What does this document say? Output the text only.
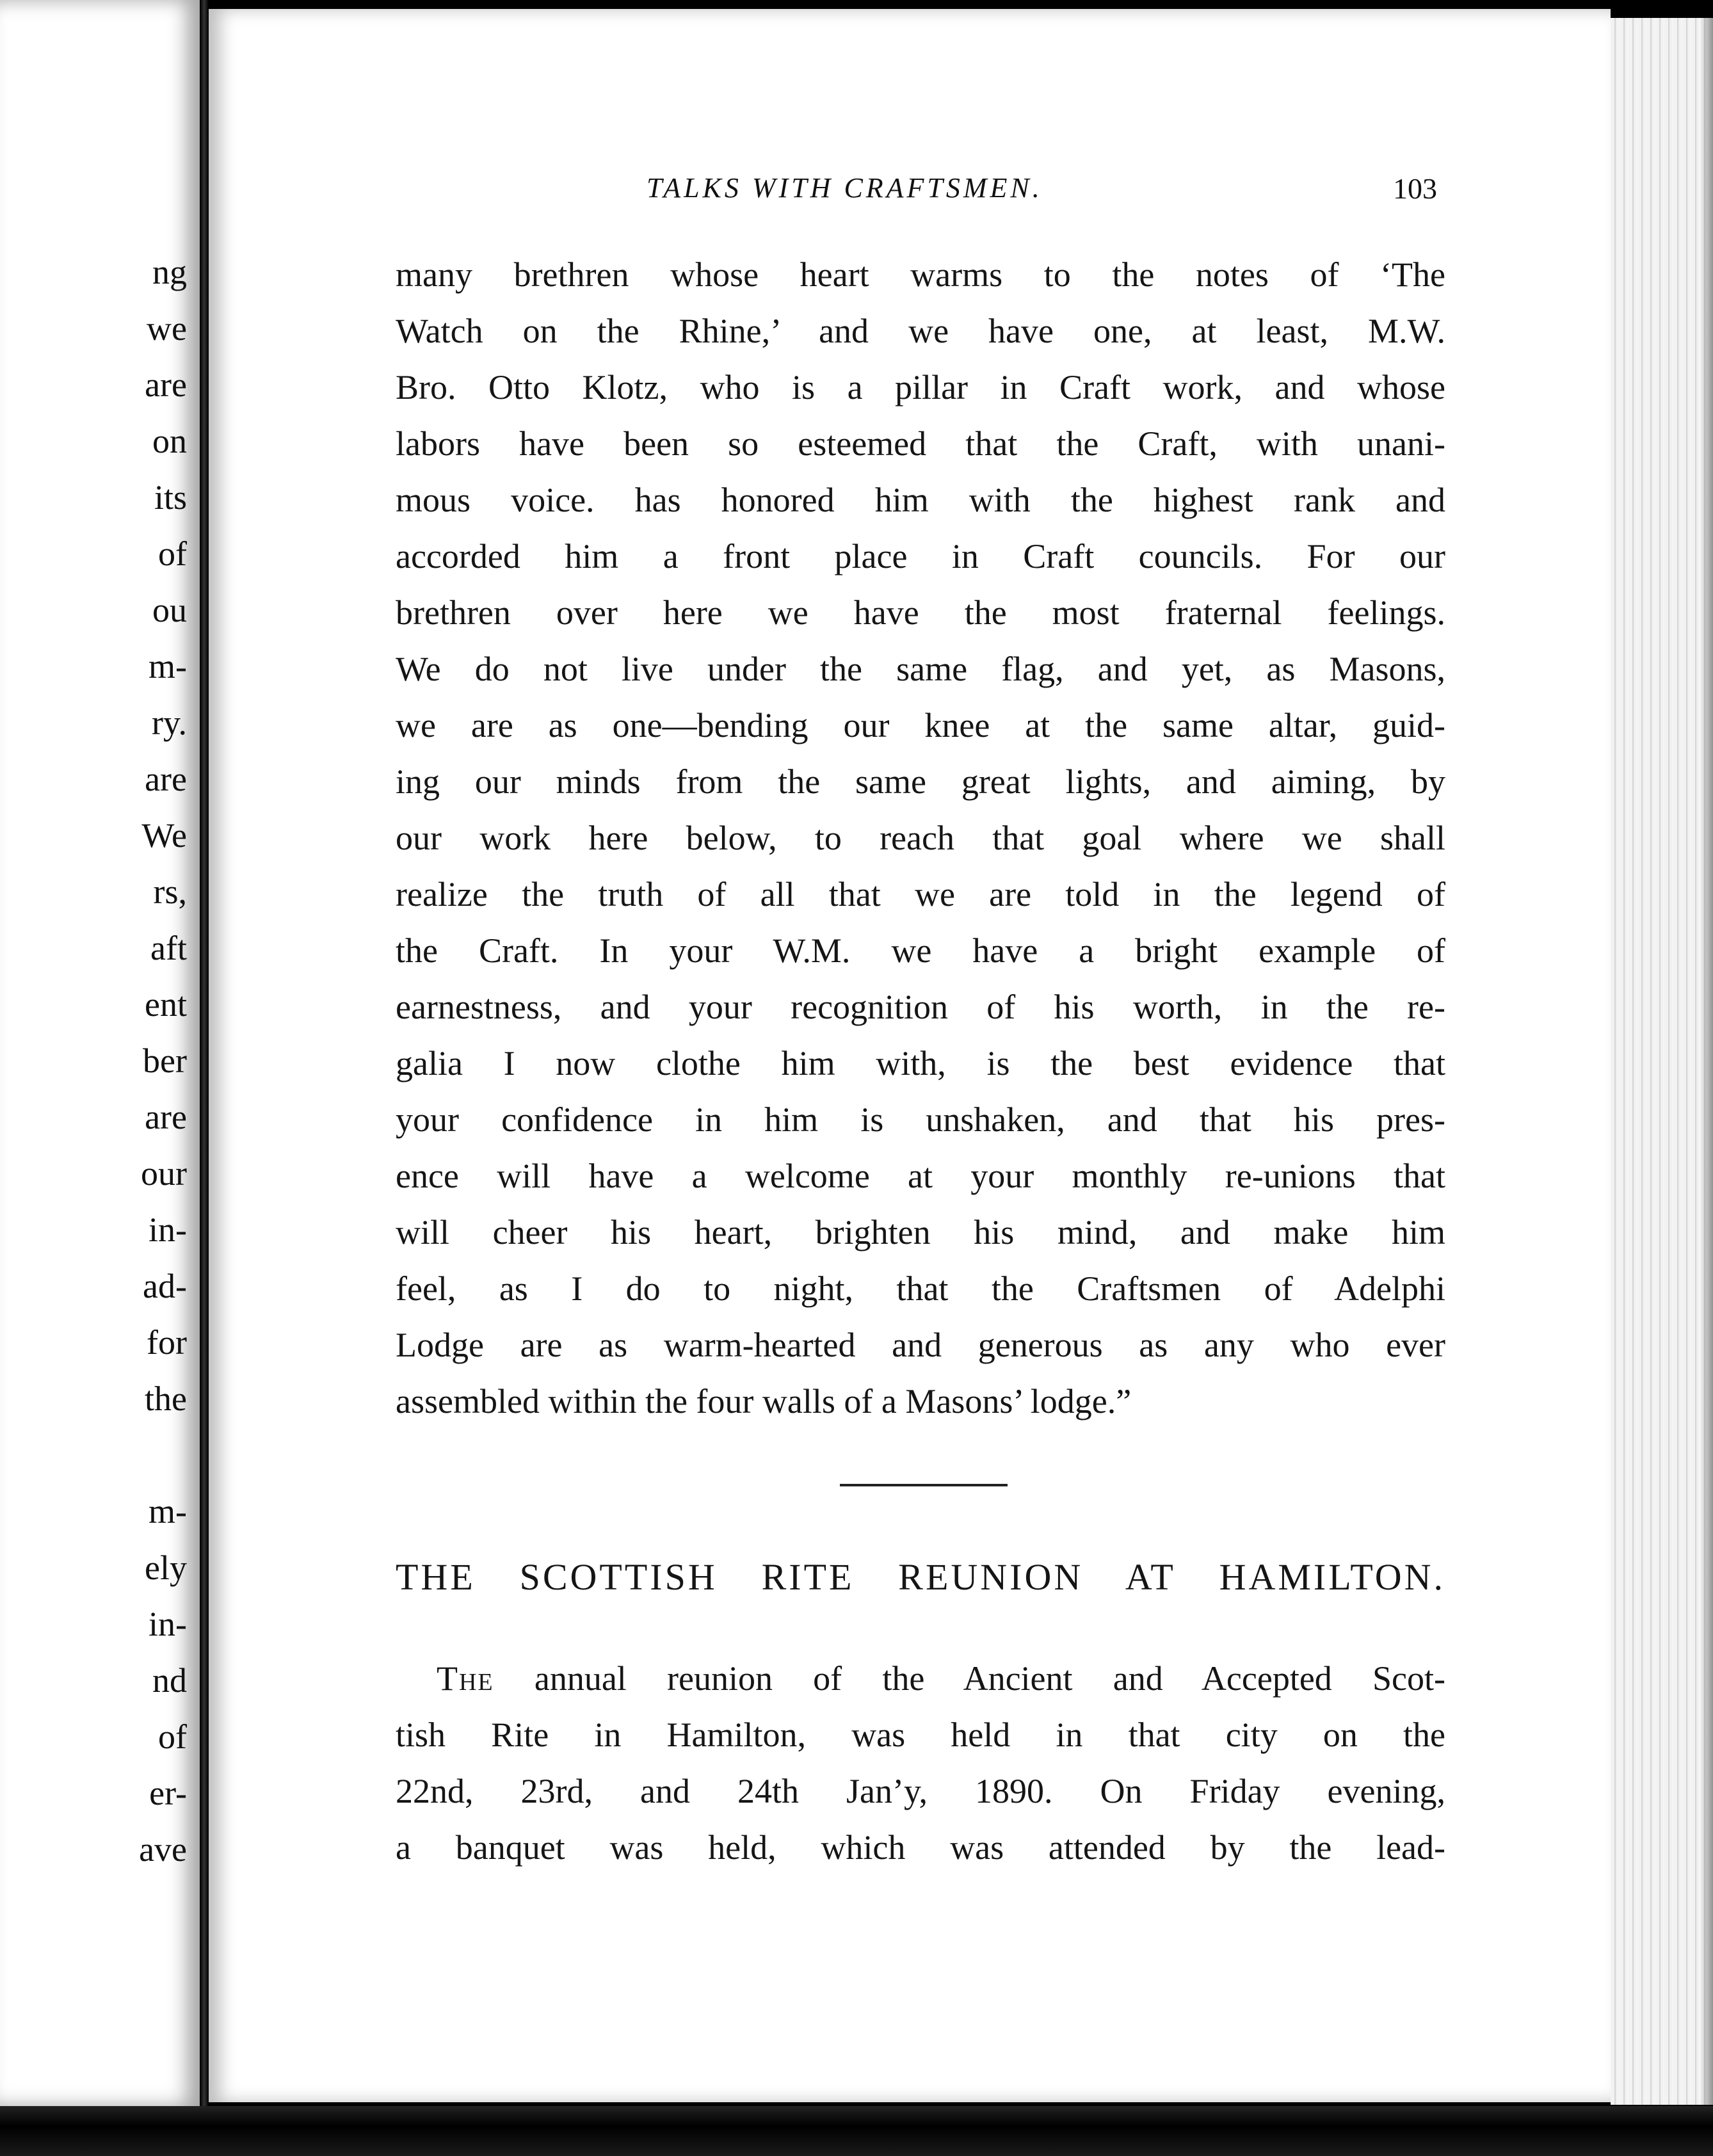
ng
we
are
on
its
of
ou
m-
ry.
are
We
rs,
aft
ent
ber
are
our
in-
ad-
for
the
m-
ely
in-
nd
of
er-
ave
TALKS WITH CRAFTSMEN.	103
many brethren whose heart warms to the notes of ‘The
Watch on the Rhine,’ and we have one, at least, M.W.
Bro. Otto Klotz, who is a pillar in Craft work, and whose
labors have been so esteemed that the Craft, with unani-
mous voice. has honored him with the highest rank and
accorded him a front place in Craft councils. For our
brethren over here we have the most fraternal feelings.
We do not live under the same flag, and yet, as Masons,
we are as one—bending our knee at the same altar, guid-
ing our minds from the same great lights, and aiming, by
our work here below, to reach that goal where we shall
realize the truth of all that we are told in the legend of
the Craft. In your W.M. we have a bright example of
earnestness, and your recognition of his worth, in the re-
galia I now clothe him with, is the best evidence that
your confidence in him is unshaken, and that his pres-
ence will have a welcome at your monthly re-unions that
will cheer his heart, brighten his mind, and make him
feel, as I do to night, that the Craftsmen of Adelphi
Lodge are as warm-hearted and generous as any who ever
assembled within the four walls of a Masons’ lodge.”
THE SCOTTISH RITE REUNION AT HAMILTON.
The annual reunion of the Ancient and Accepted Scot-
tish Rite in Hamilton, was held in that city on the
22nd, 23rd, and 24th Jan’y, 1890. On Friday evening,
a banquet was held, which was attended by the lead-
